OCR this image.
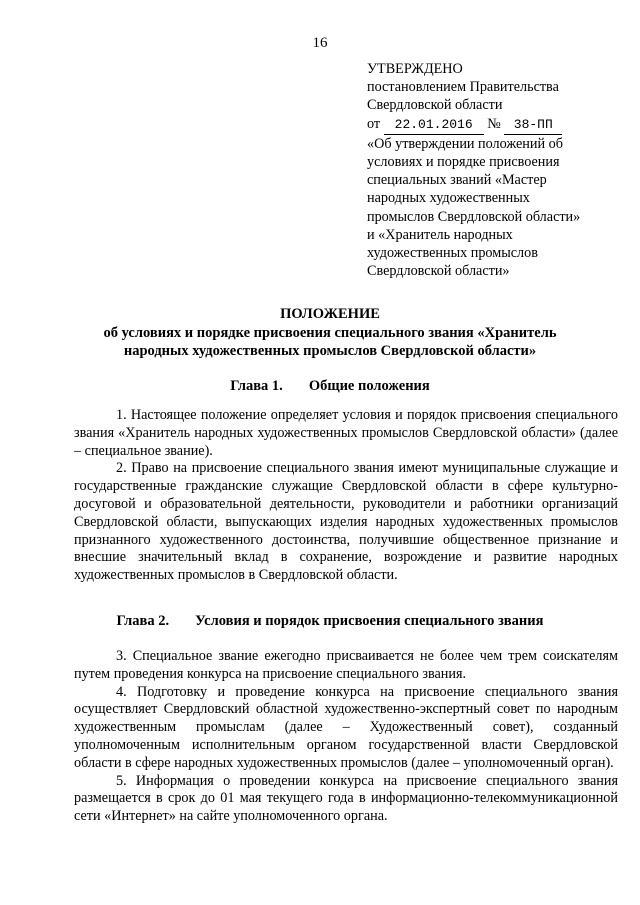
16
УТВЕРЖДЕНО
постановлением Правительства
Свердловской области
от 22.01.2016 № 38-ПП
«Об утверждении положений об
условиях и порядке присвоения
специальных званий «Мастер
народных художественных
промыслов Свердловской области»
и «Хранитель народных
художественных промыслов
Свердловской области»
ПОЛОЖЕНИЕ
об условиях и порядке присвоения специального звания «Хранитель
народных художественных промыслов Свердловской области»
Глава 1. Общие положения

1. Настоящее положение определяет условия и порядок присвоения специального звания «Хранитель народных художественных промыслов Свердловской области» (далее – специальное звание).

2. Право на присвоение специального звания имеют муниципальные служащие и государственные гражданские служащие Свердловской области в сфере культурно-досуговой и образовательной деятельности, руководители и работники организаций Свердловской области, выпускающих изделия народных художественных промыслов признанного художественного достоинства, получившие общественное признание и внесшие значительный вклад в сохранение, возрождение и развитие народных художественных промыслов в Свердловской области.

Глава 2. Условия и порядок присвоения специального звания

3. Специальное звание ежегодно присваивается не более чем трем соискателям путем проведения конкурса на присвоение специального звания.

4. Подготовку и проведение конкурса на присвоение специального звания осуществляет Свердловский областной художественно-экспертный совет по народным художественным промыслам (далее – Художественный совет), созданный уполномоченным исполнительным органом государственной власти Свердловской области в сфере народных художественных промыслов (далее – уполномоченный орган).

5. Информация о проведении конкурса на присвоение специального звания размещается в срок до 01 мая текущего года в информационно-телекоммуникационной сети «Интернет» на сайте уполномоченного органа.
